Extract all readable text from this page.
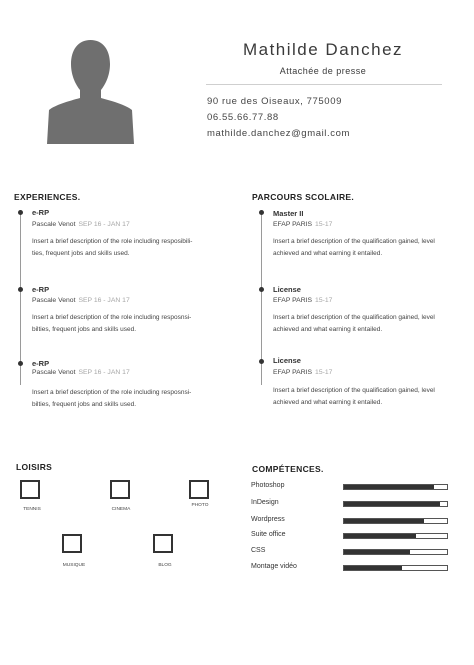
Mathilde Danchez
Attachée de presse
90 rue des Oiseaux, 775009
06.55.66.77.88
mathilde.danchez@gmail.com
EXPERIENCES.
e-RP
Pascale Venot SEP 16 - JAN 17
Insert a brief description of the role including resposibili-
ties, frequent jobs and skills used.
e-RP
Pascale Venot SEP 16 - JAN 17
Insert a brief description of the role including resposnsi-
bilties, frequent jobs and skills used.
e-RP
Pascale Venot SEP 16 - JAN 17
Insert a brief description of the role including resposnsi-
bilties, frequent jobs and skills used.
PARCOURS SCOLAIRE.
Master II
EFAP PARIS 15-17
Insert a brief description of the qualification gained, level
achieved and what earning it entailed.
License
EFAP PARIS 15-17
Insert a brief description of the qualification gained, level
achieved and what earning it entailed.
License
EFAP PARIS 15-17
Insert a brief description of the qualification gained, level
achieved and what earning it entailed.
LOISIRS
TENNIS	CINEMA
PHOTO
MUSIQUE	BLOG
COMPÉTENCES.
Photoshop
InDesign
Wordpress
Suite office
CSS
Montage vidéo
